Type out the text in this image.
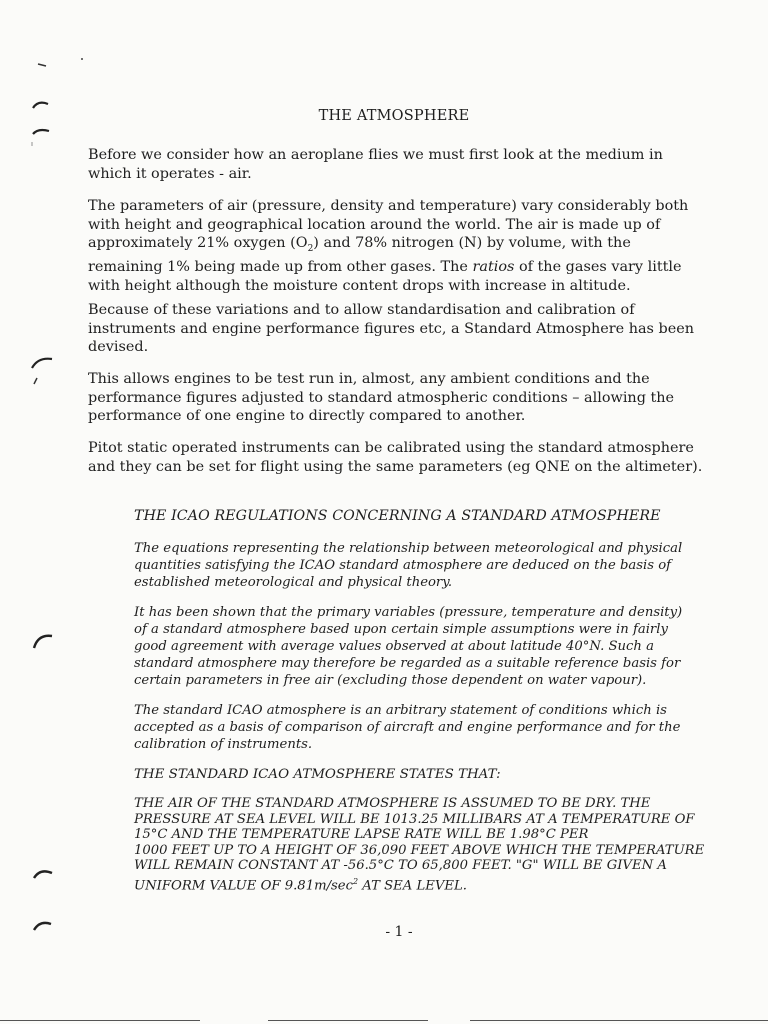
THE ATMOSPHERE

Before we consider how an aeroplane flies we must first look at the medium in which it operates - air.

The parameters of air (pressure, density and temperature) vary considerably both with height and geographical location around the world. The air is made up of approximately 21% oxygen $(O_2)$ and 78% nitrogen (N) by volume, with the remaining 1% being made up from other gases. The ratios of the gases vary little with height although the moisture content drops with increase in altitude.

Because of these variations and to allow standardisation and calibration of instruments and engine performance figures etc, a Standard Atmosphere has been devised.

This allows engines to be test run in, almost, any ambient conditions and the performance figures adjusted to standard atmospheric conditions – allowing the performance of one engine to directly compared to another.

Pitot static operated instruments can be calibrated using the standard atmosphere and they can be set for flight using the same parameters (eg QNE on the altimeter).

THE ICAO REGULATIONS CONCERNING A STANDARD ATMOSPHERE

The equations representing the relationship between meteorological and physical quantities satisfying the ICAO standard atmosphere are deduced on the basis of established meteorological and physical theory.

It has been shown that the primary variables (pressure, temperature and density) of a standard atmosphere based upon certain simple assumptions were in fairly good agreement with average values observed at about latitude 40°N. Such a standard atmosphere may therefore be regarded as a suitable reference basis for certain parameters in free air (excluding those dependent on water vapour).

The standard ICAO atmosphere is an arbitrary statement of conditions which is accepted as a basis of comparison of aircraft and engine performance and for the calibration of instruments.

THE STANDARD ICAO ATMOSPHERE STATES THAT:

THE AIR OF THE STANDARD ATMOSPHERE IS ASSUMED TO BE DRY. THE
PRESSURE AT SEA LEVEL WILL BE 1013.25 MILLIBARS AT A TEMPERATURE OF
15°C AND THE TEMPERATURE LAPSE RATE WILL BE 1.98°C PER
1000 FEET UP TO A HEIGHT OF 36,090 FEET ABOVE WHICH THE TEMPERATURE
WILL REMAIN CONSTANT AT -56.5°C TO 65,800 FEET. "G" WILL BE GIVEN A
UNIFORM VALUE OF $9.81m/\sec^2$ AT SEA LEVEL.
- 1 -
